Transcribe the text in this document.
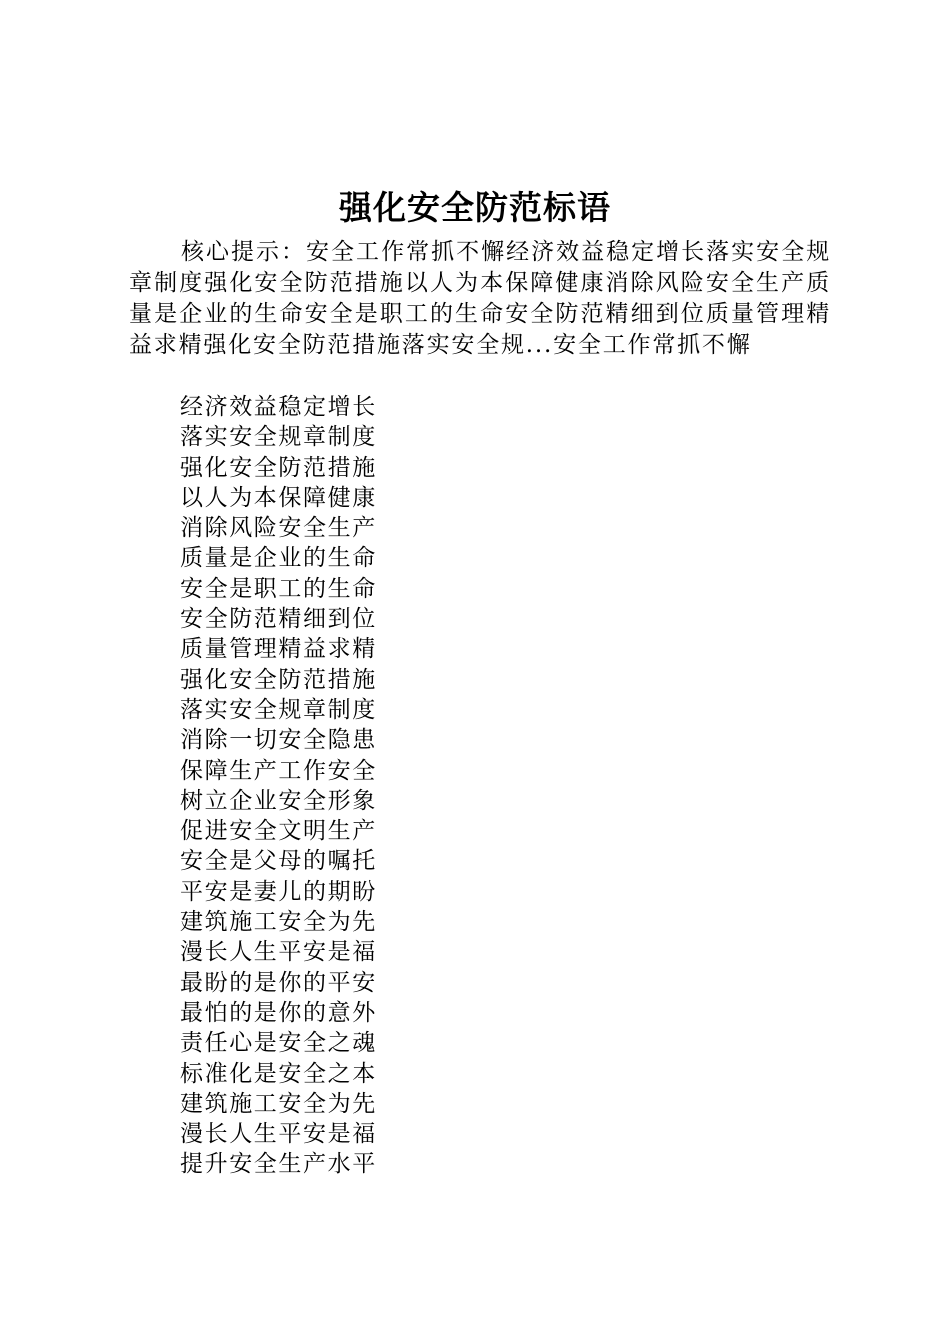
强化安全防范标语

核心提示：安全工作常抓不懈经济效益稳定增长落实安全规章制度强化安全防范措施以人为本保障健康消除风险安全生产质量是企业的生命安全是职工的生命安全防范精细到位质量管理精益求精强化安全防范措施落实安全规...安全工作常抓不懈

经济效益稳定增长
落实安全规章制度
强化安全防范措施
以人为本保障健康
消除风险安全生产
质量是企业的生命
安全是职工的生命
安全防范精细到位
质量管理精益求精
强化安全防范措施
落实安全规章制度
消除一切安全隐患
保障生产工作安全
树立企业安全形象
促进安全文明生产
安全是父母的嘱托
平安是妻儿的期盼
建筑施工安全为先
漫长人生平安是福
最盼的是你的平安
最怕的是你的意外
责任心是安全之魂
标准化是安全之本
建筑施工安全为先
漫长人生平安是福
提升安全生产水平
